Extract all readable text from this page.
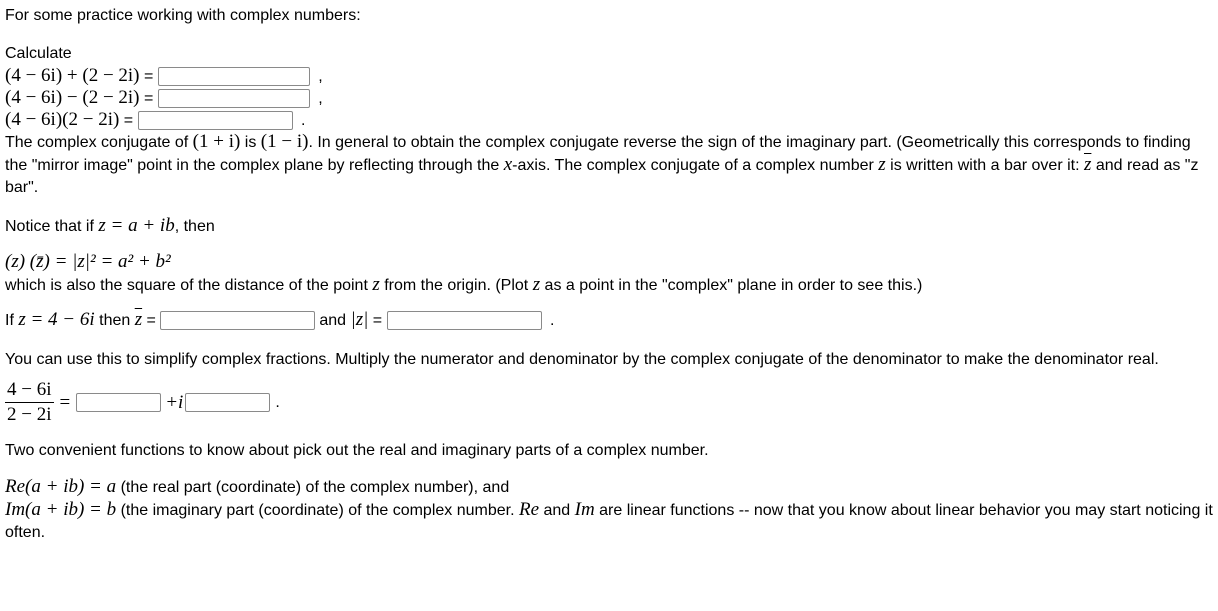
For some practice working with complex numbers:

Calculate
(4 − 6i) + (2 − 2i) =	,
(4 − 6i) − (2 − 2i) =	,
(4 − 6i)(2 − 2i) =	.

The complex conjugate of (1 + i) is (1 − i). In general to obtain the complex conjugate reverse the sign of the imaginary part. (Geometrically this corresponds to finding the "mirror image" point in the complex plane by reflecting through the x-axis. The complex conjugate of a complex number z is written with a bar over it: $\overline{z}$ and read as "z bar".

Notice that if z = a + ib, then

(z) (z̄) = |z|² = a² + b²

which is also the square of the distance of the point z from the origin. (Plot z as a point in the "complex" plane in order to see this.)

If z = 4 − 6i then $\overline{z}$ =	and |z| =	.

You can use this to simplify complex fractions. Multiply the numerator and denominator by the complex conjugate of the denominator to make the denominator real.

$\frac{4 - 6i}{2 - 2i}$ =	+i	.

Two convenient functions to know about pick out the real and imaginary parts of a complex number.

Re(a + ib) = a (the real part (coordinate) of the complex number), and

Im(a + ib) = b (the imaginary part (coordinate) of the complex number. Re and Im are linear functions -- now that you know about linear behavior you may start noticing it often.
